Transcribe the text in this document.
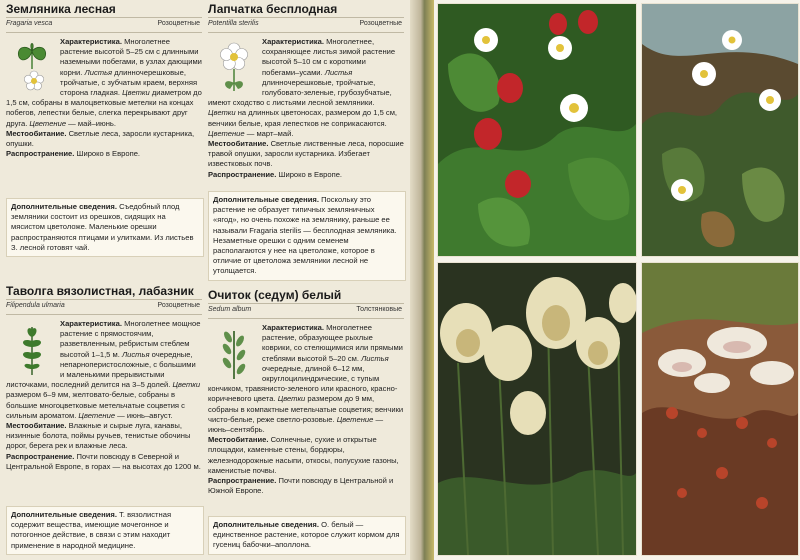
Земляника лесная
Fragaria vesca	Розоцветные

Характеристика. Многолетнее растение высотой 5–25 см с длинными наземными побегами, в узлах дающими корни. Листья длинночерешковые, тройчатые, с зубчатым краем, верхняя сторона гладкая. Цветки диаметром до 1,5 см, собраны в малоцветковые метелки на концах побегов, лепестки белые, слегка перекрывают друг друга. Цветение — май–июнь.
Местообитание. Светлые леса, заросли кустарника, опушки.
Распространение. Широко в Европе.

Дополнительные сведения. Съедобный плод земляники состоит из орешков, сидящих на мясистом цветоложе. Маленькие орешки распространяются птицами и улитками. Из листьев З. лесной готовят чай.
Таволга вязолистная, лабазник
Filipendula ulmaria	Розоцветные

Характеристика. Многолетнее мощное растение с прямостоячим, разветвленным, ребристым стеблем высотой 1–1,5 м. Листья очередные, непарноперистосложные, с большими и маленькими прерывистыми листочками, последний делится на 3–5 долей. Цветки размером 6–9 мм, желтовато-белые, собраны в большие многоцветковые метельчатые соцветия с сильным ароматом. Цветение — июнь–август.
Местообитание. Влажные и сырые луга, канавы, низинные болота, поймы ручьев, тенистые обочины дорог, берега рек и влажные леса.
Распространение. Почти повсюду в Северной и Центральной Европе, в горах — на высотах до 1200 м.

Дополнительные сведения. Т. вязолистная содержит вещества, имеющие мочегонное и потогонное действие, в связи с этим находит применение в народной медицине.
Лапчатка бесплодная
Potentilla sterilis	Розоцветные

Характеристика. Многолетнее, сохраняющее листья зимой растение высотой 5–10 см с короткими побегами–усами. Листья длинночерешковые, тройчатые, голубовато-зеленые, грубозубчатые, имеют сходство с листьями лесной земляники. Цветки на длинных цветоносах, размером до 1,5 см, венчики белые, края лепестков не соприкасаются. Цветение — март–май.
Местообитание. Светлые лиственные леса, поросшие травой опушки, заросли кустарника. Избегает известковых почв.
Распространение. Широко в Европе.

Дополнительные сведения. Поскольку это растение не образует типичных земляничных «ягод», но очень похоже на землянику, раньше ее называли Fragaria sterilis — бесплодная земляника. Незаметные орешки с одним семенем располагаются у нее на цветоложе, которое в отличие от цветоложа земляники лесной не утолщается.
Очиток (седум) белый
Sedum album	Толстянковые

Характеристика. Многолетнее растение, образующее рыхлые коврики, со стелющимися или прямыми стеблями высотой 5–20 см. Листья очередные, длиной 6–12 мм, округлоцилиндрические, с тупым кончиком, травянисто-зеленого или красного, красно-коричневого цвета. Цветки размером до 9 мм, собраны в компактные метельчатые соцветия; венчики чисто-белые, реже светло-розовые. Цветение — июнь–сентябрь.
Местообитание. Солнечные, сухие и открытые площадки, каменные стены, бордюры, железнодорожные насыпи, откосы, полусухие газоны, каменистые почвы.
Распространение. Почти повсюду в Центральной и Южной Европе.

Дополнительные сведения. О. белый — единственное растение, которое служит кормом для гусениц бабочки–аполлона.
